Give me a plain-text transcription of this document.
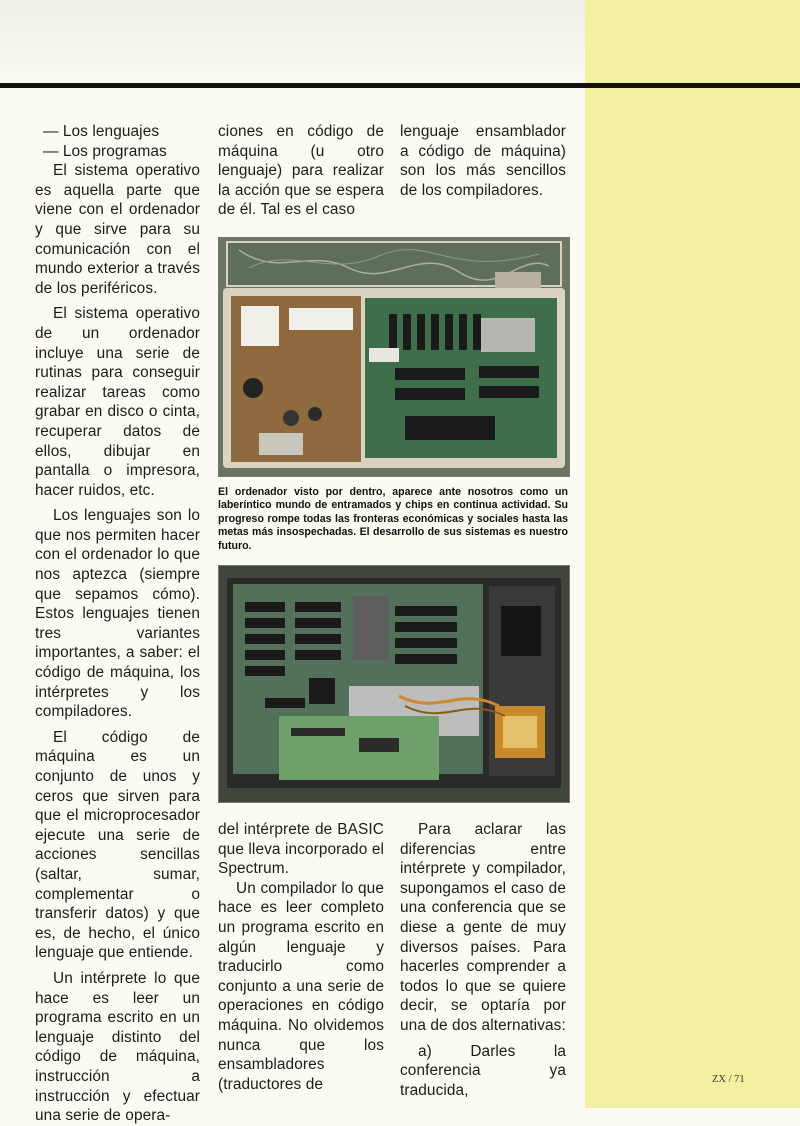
— Los lenguajes

— Los programas

El sistema operativo es aquella parte que viene con el ordenador y que sirve para su comunicación con el mundo exterior a través de los periféricos.

El sistema operativo de un ordenador incluye una serie de rutinas para conseguir realizar tareas como grabar en disco o cinta, recuperar datos de ellos, dibujar en pantalla o impresora, hacer ruidos, etc.

Los lenguajes son lo que nos permiten hacer con el ordenador lo que nos aptezca (siempre que sepamos cómo). Estos lenguajes tienen tres variantes importantes, a saber: el código de máquina, los intérpretes y los compiladores.

El código de máquina es un conjunto de unos y ceros que sirven para que el microprocesador ejecute una serie de acciones sencillas (saltar, sumar, complementar o transferir datos) y que es, de hecho, el único lenguaje que entiende.

Un intérprete lo que hace es leer un programa escrito en un lenguaje distinto del código de máquina, instrucción a instrucción y efectuar una serie de opera-

ciones en código de máquina (u otro lenguaje) para realizar la acción que se espera de él. Tal es el caso

lenguaje ensamblador a código de máquina) son los más sencillos de los compiladores.

El ordenador visto por dentro, aparece ante nosotros como un laberíntico mundo de entramados y chips en continua actividad. Su progreso rompe todas las fronteras económicas y sociales hasta las metas más insospechadas. El desarrollo de sus sistemas es nuestro futuro.

del intérprete de BASIC que lleva incorporado el Spectrum.

Un compilador lo que hace es leer completo un programa escrito en algún lenguaje y traducirlo como conjunto a una serie de operaciones en código máquina. No olvidemos nunca que los ensambladores (traductores de

Para aclarar las diferencias entre intérprete y compilador, supongamos el caso de una conferencia que se diese a gente de muy diversos países. Para hacerles comprender a todos lo que se quiere decir, se optaría por una de dos alternativas:

a) Darles la conferencia ya traducida,

ZX / 71
